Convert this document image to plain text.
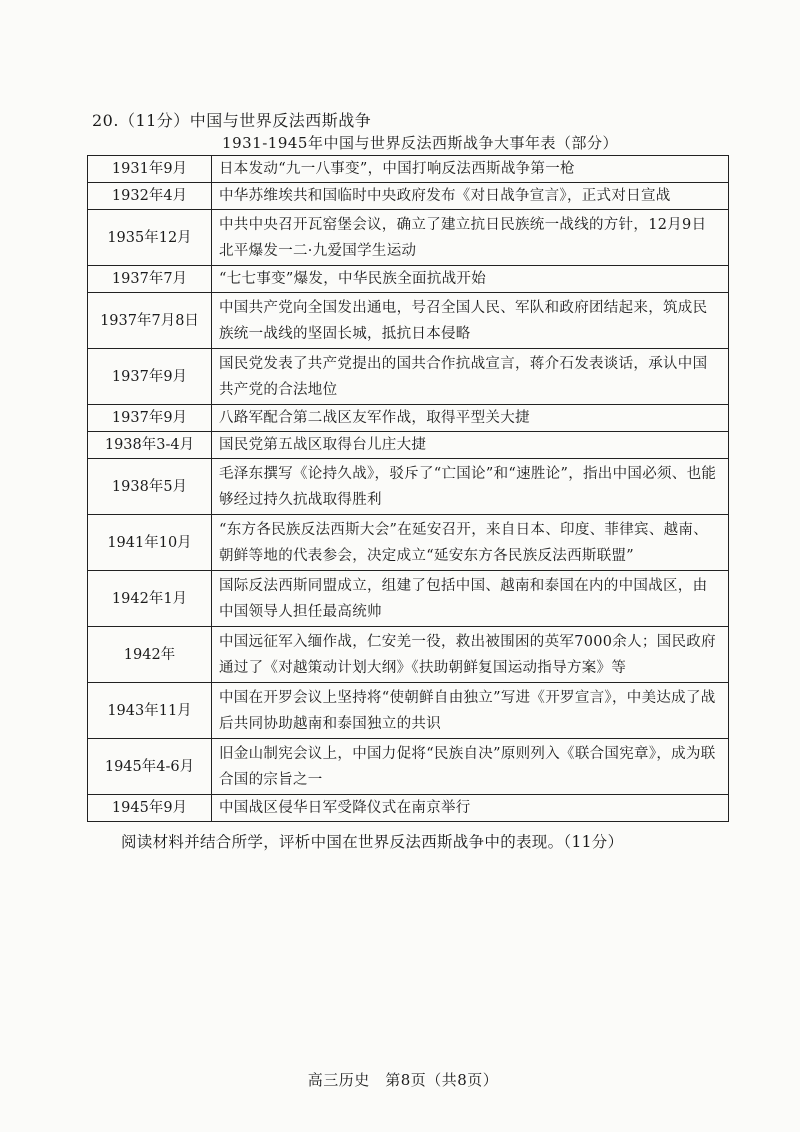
20.（11分）中国与世界反法西斯战争
1931-1945年中国与世界反法西斯战争大事年表（部分）
1931年9月	日本发动“九一八事变”，中国打响反法西斯战争第一枪
1932年4月	中华苏维埃共和国临时中央政府发布《对日战争宣言》，正式对日宣战
1935年12月	中共中央召开瓦窑堡会议，确立了建立抗日民族统一战线的方针，12月9日北平爆发一二·九爱国学生运动
1937年7月	“七七事变”爆发，中华民族全面抗战开始
1937年7月8日	中国共产党向全国发出通电，号召全国人民、军队和政府团结起来，筑成民族统一战线的坚固长城，抵抗日本侵略
1937年9月	国民党发表了共产党提出的国共合作抗战宣言，蒋介石发表谈话，承认中国共产党的合法地位
1937年9月	八路军配合第二战区友军作战，取得平型关大捷
1938年3-4月	国民党第五战区取得台儿庄大捷
1938年5月	毛泽东撰写《论持久战》，驳斥了“亡国论”和“速胜论”，指出中国必须、也能够经过持久抗战取得胜利
1941年10月	“东方各民族反法西斯大会”在延安召开，来自日本、印度、菲律宾、越南、朝鲜等地的代表参会，决定成立“延安东方各民族反法西斯联盟”
1942年1月	国际反法西斯同盟成立，组建了包括中国、越南和泰国在内的中国战区，由中国领导人担任最高统帅
1942年	中国远征军入缅作战，仁安羌一役，救出被围困的英军7000余人；国民政府通过了《对越策动计划大纲》《扶助朝鲜复国运动指导方案》等
1943年11月	中国在开罗会议上坚持将“使朝鲜自由独立”写进《开罗宣言》，中美达成了战后共同协助越南和泰国独立的共识
1945年4-6月	旧金山制宪会议上，中国力促将“民族自决”原则列入《联合国宪章》，成为联合国的宗旨之一
1945年9月	中国战区侵华日军受降仪式在南京举行
阅读材料并结合所学，评析中国在世界反法西斯战争中的表现。（11分）
高三历史　第8页（共8页）
